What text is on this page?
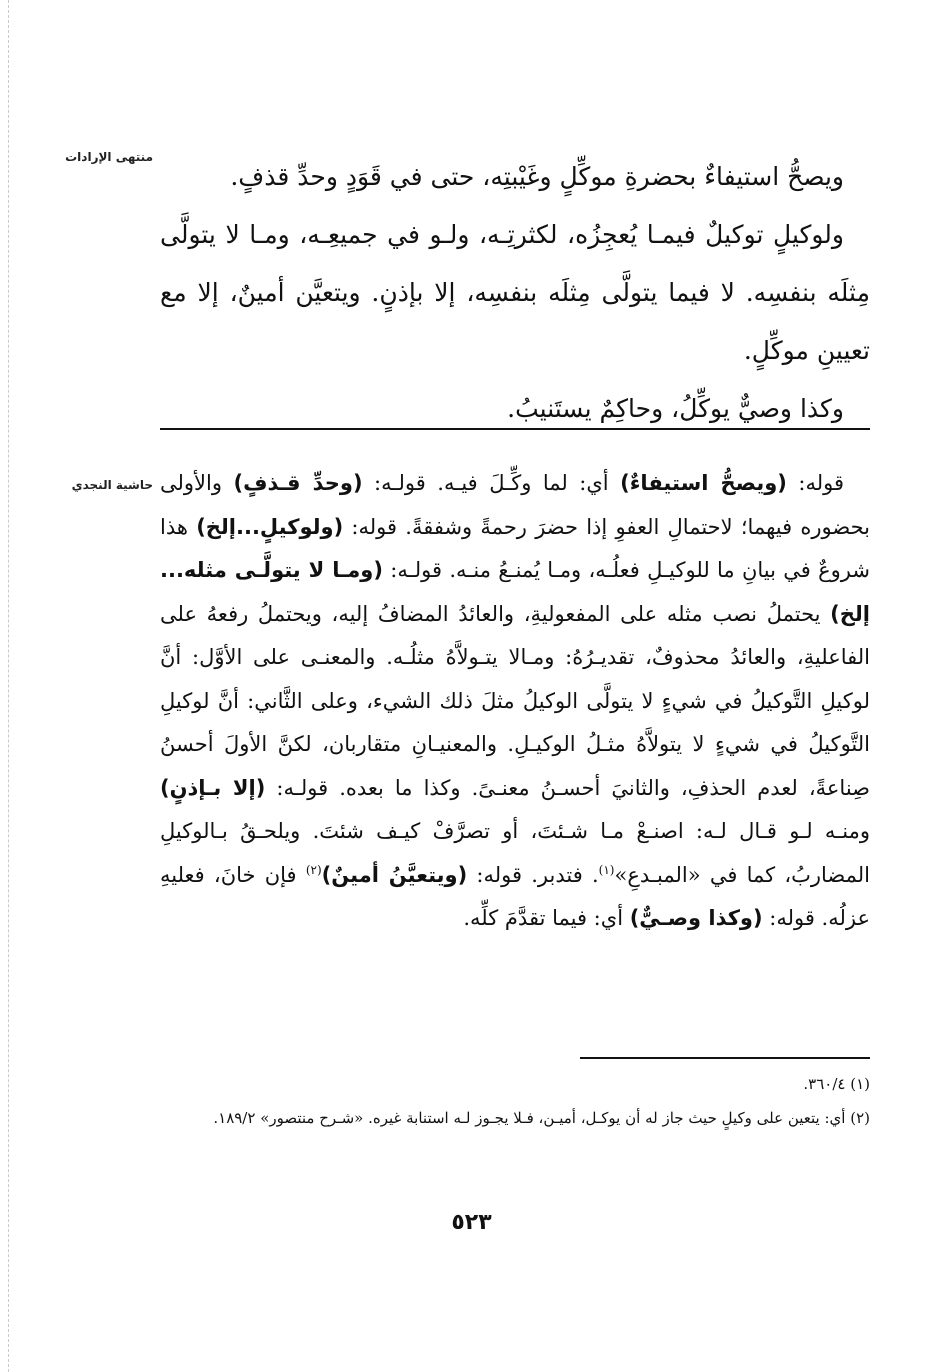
منتهى الإرادات
حاشية النجدي

ويصحُّ استيفاءٌ بحضرةِ موكِّلٍ وغَيْبتِه، حتى في قَوَدٍ وحدِّ قذفٍ.

ولوكيلٍ توكيلٌ فيمـا يُعجِزُه، لكثرتِـه، ولـو في جميعِـه، ومـا لا يتولَّى مِثلَه بنفسِه. لا فيما يتولَّى مِثلَه بنفسِه، إلا بإذنٍ. ويتعيَّن أمينٌ، إلا مع تعيينِ موكِّلٍ.

وكذا وصيٌّ يوكِّلُ، وحاكِمٌ يستَنيبُ.

قوله: (ويصحُّ استيفاءٌ) أي: لما وكِّـلَ فيـه. قولـه: (وحدِّ قـذفٍ) والأولى بحضوره فيهما؛ لاحتمالِ العفوِ إذا حضرَ رحمةً وشفقةً. قوله: (ولوكيلٍ...إلخ) هذا شروعٌ في بيانِ ما للوكيـلِ فعلُـه، ومـا يُمنـعُ منـه. قولـه: (ومـا لا يتولَّـى مثله... إلخ) يحتملُ نصب مثله على المفعوليةِ، والعائدُ المضافُ إليه، ويحتملُ رفعهُ على الفاعليةِ، والعائدُ محذوفٌ، تقديـرُهُ: ومـالا يتـولاَّهُ مثلُـه. والمعنـى على الأوَّل: أنَّ لوكيلِ التَّوكيلُ في شيءٍ لا يتولَّى الوكيلُ مثلَ ذلك الشيء، وعلى الثَّاني: أنَّ لوكيلِ التَّوكيلُ في شيءٍ لا يتولاَّهُ مثـلُ الوكيـلِ. والمعنيـانِ متقاربان، لكنَّ الأولَ أحسنُ صِناعةً، لعدم الحذفِ، والثانيَ أحسـنُ معنـىً. وكذا ما بعده. قولـه: (إلا بـإذنٍ) ومنـه لـو قـال لـه: اصنـعْ مـا شـئتَ، أو تصرَّفْ كيـف شئتَ. ويلحـقُ بـالوكيلِ المضاربُ، كما في «المبـدعِ»$^{(١)}$. فتدبر. قوله: (ويتعيَّنُ أمينٌ)$^{(٢)}$ فإن خانَ، فعليهِ عزلُه. قوله: (وكذا وصـيٌّ) أي: فيما تقدَّمَ كلِّه.

(١) ٣٦٠/٤.

(٢) أي: يتعين على وكيلٍ حيث جاز له أن يوكـل، أميـن، فـلا يجـوز لـه استنابة غيره. «شـرح منتصور» ١٨٩/٢.

٥٢٣
